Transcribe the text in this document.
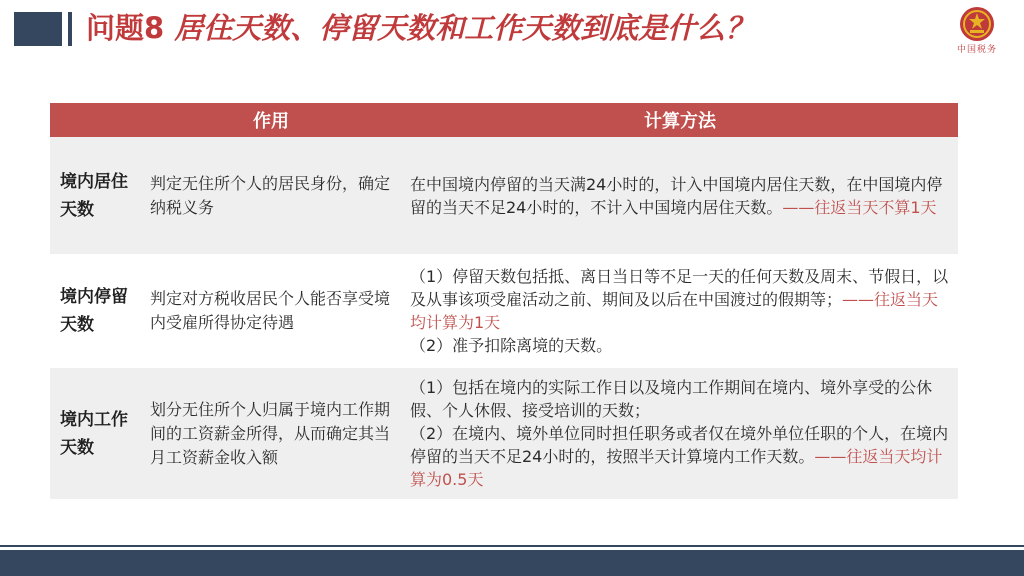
问题8 居住天数、停留天数和工作天数到底是什么？
中国税务
	作用	计算方法
境内居住天数	判定无住所个人的居民身份，确定纳税义务	在中国境内停留的当天满24小时的，计入中国境内居住天数，在中国境内停留的当天不足24小时的，不计入中国境内居住天数。——往返当天不算1天

境内停留天数	判定对方税收居民个人能否享受境内受雇所得协定待遇	（1）停留天数包括抵、离日当日等不足一天的任何天数及周末、节假日，以及从事该项受雇活动之前、期间及以后在中国渡过的假期等；——往返当天均计算为1天
（2）准予扣除离境的天数。

境内工作天数	划分无住所个人归属于境内工作期间的工资薪金所得，从而确定其当月工资薪金收入额	（1）包括在境内的实际工作日以及境内工作期间在境内、境外享受的公休假、个人休假、接受培训的天数；
（2）在境内、境外单位同时担任职务或者仅在境外单位任职的个人，在境内停留的当天不足24小时的，按照半天计算境内工作天数。——往返当天均计算为0.5天
